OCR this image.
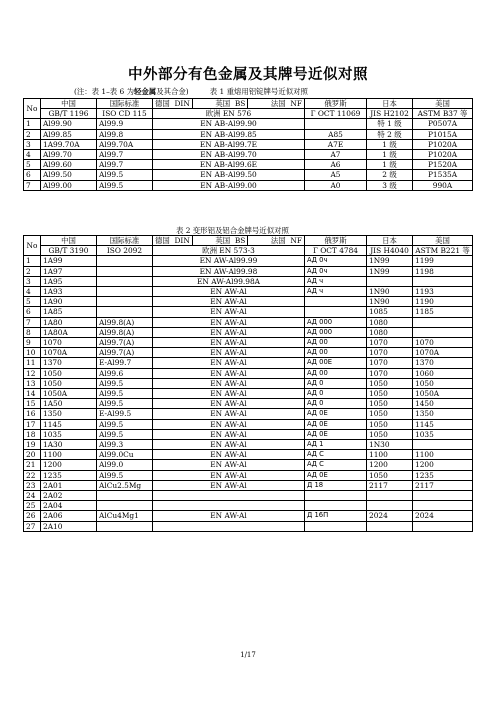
中外部分有色金属及其牌号近似对照
(注：表 1–表 6 为轻金属及其合金)	表 1 重熔用铝锭牌号近似对照
No	中国	国际标准	德国 DIN 英国 BS 法国 NF	俄罗斯	日本	美国
	GB/T 1196	ISO CD 115	欧洲 EN 576	Г ОСТ 11069	JIS H2102	ASTM B37 等
1	Al99.90	Al99.9	EN AB-Al99.90		特 1 级	P0507A
2	Al99.85	Al99.8	EN AB-Al99.85	A85	特 2 级	P1015A
3	1A99.70A	Al99.70A	EN AB-Al99.7E	A7E	1 级	P1020A
4	Al99.70	Al99.7	EN AB-Al99.70	A7	1 级	P1020A
5	Al99.60	Al99.7	EN AB-Al99.6E	A6	1 级	P1520A
6	Al99.50	Al99.5	EN AB-Al99.50	A5	2 级	P1535A
7	Al99.00	Al99.5	EN AB-Al99.00	A0	3 级	990A
表 2 变形铝及铝合金牌号近似对照
No	中国	国际标准	德国 DIN 英国 BS 法国 NF	俄罗斯	日本	美国
	GB/T 3190	ISO 2092	欧洲 EN 573-3	Г ОСТ 4784	JIS H4040	ASTM B221 等
1	1A99		EN AW-Al99.99	АД 0ч	1N99	1199
2	1A97		EN AW-Al99.98	АД 0ч	1N99	1198
3	1A95		EN AW-Al99.98A	АД ч		
4	1A93		EN AW-Al	АД ч	1N90	1193
5	1A90		EN AW-Al		1N90	1190
6	1A85		EN AW-Al		1085	1185
7	1A80	Al99.8(A)	EN AW-Al	АД 000	1080	
8	1A80A	Al99.8(A)	EN AW-Al	АД 000	1080	
9	1070	Al99.7(A)	EN AW-Al	АД 00	1070	1070
10	1070A	Al99.7(A)	EN AW-Al	АД 00	1070	1070A
11	1370	E-Al99.7	EN AW-Al	АД 00E	1070	1370
12	1050	Al99.6	EN AW-Al	АД 00	1070	1060
13	1050	Al99.5	EN AW-Al	АД 0	1050	1050
14	1050A	Al99.5	EN AW-Al	АД 0	1050	1050A
15	1A50	Al99.5	EN AW-Al	АД 0	1050	1450
16	1350	E-Al99.5	EN AW-Al	АД 0E	1050	1350
17	1145	Al99.5	EN AW-Al	АД 0E	1050	1145
18	1035	Al99.5	EN AW-Al	АД 0E	1050	1035
19	1A30	Al99.3	EN AW-Al	АД 1	1N30	
20	1100	Al99.0Cu	EN AW-Al	АД С	1100	1100
21	1200	Al99.0	EN AW-Al	АД С	1200	1200
22	1235	Al99.5	EN AW-Al	АД 0E	1050	1235
23	2A01	AlCu2.5Mg	EN AW-Al	Д 18	2117	2117
24	2A02					
25	2A04					
26	2A06	AlCu4Mg1	EN AW-Al	Д 16П	2024	2024
27	2A10					
1/17
